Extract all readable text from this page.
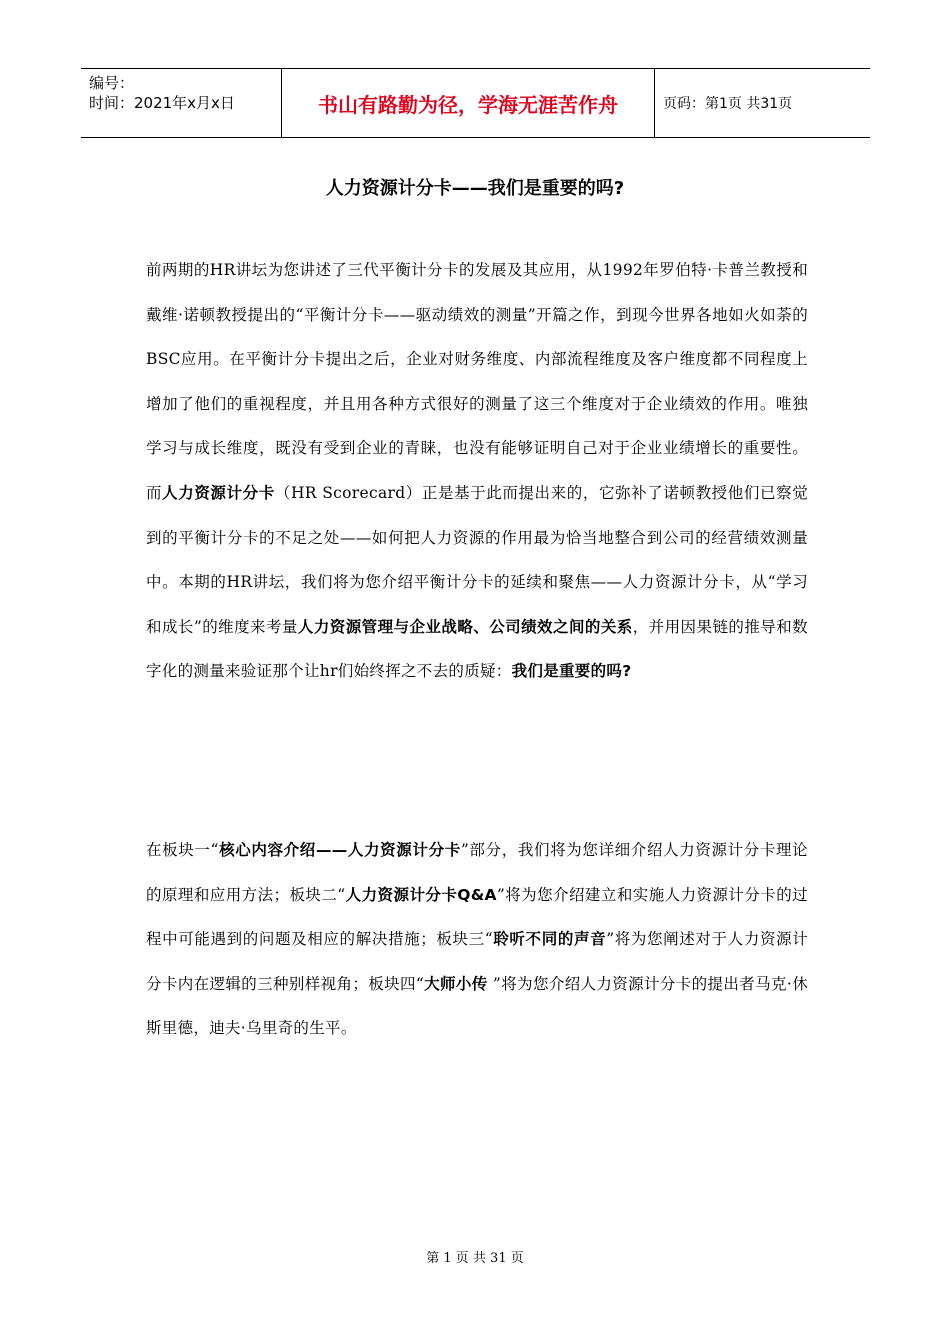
编号：
时间：2021年x月x日	书山有路勤为径，学海无涯苦作舟	页码：第1页 共31页
人力资源计分卡——我们是重要的吗?
前两期的HR讲坛为您讲述了三代平衡计分卡的发展及其应用，从1992年罗伯特·卡普兰教授和戴维·诺顿教授提出的“平衡计分卡——驱动绩效的测量”开篇之作，到现今世界各地如火如荼的BSC应用。在平衡计分卡提出之后，企业对财务维度、内部流程维度及客户维度都不同程度上增加了他们的重视程度，并且用各种方式很好的测量了这三个维度对于企业绩效的作用。唯独学习与成长维度，既没有受到企业的青睐，也没有能够证明自己对于企业业绩增长的重要性。而人力资源计分卡（HR Scorecard）正是基于此而提出来的，它弥补了诺顿教授他们已察觉到的平衡计分卡的不足之处——如何把人力资源的作用最为恰当地整合到公司的经营绩效测量中。本期的HR讲坛，我们将为您介绍平衡计分卡的延续和聚焦——人力资源计分卡，从“学习和成长”的维度来考量人力资源管理与企业战略、公司绩效之间的关系，并用因果链的推导和数字化的测量来验证那个让hr们始终挥之不去的质疑：我们是重要的吗?
在板块一“核心内容介绍——人力资源计分卡”部分，我们将为您详细介绍人力资源计分卡理论的原理和应用方法；板块二“人力资源计分卡Q&A”将为您介绍建立和实施人力资源计分卡的过程中可能遇到的问题及相应的解决措施；板块三“聆听不同的声音”将为您阐述对于人力资源计分卡内在逻辑的三种别样视角；板块四“大师小传 ”将为您介绍人力资源计分卡的提出者马克·休斯里德，迪夫·乌里奇的生平。
第 1 页 共 31 页
